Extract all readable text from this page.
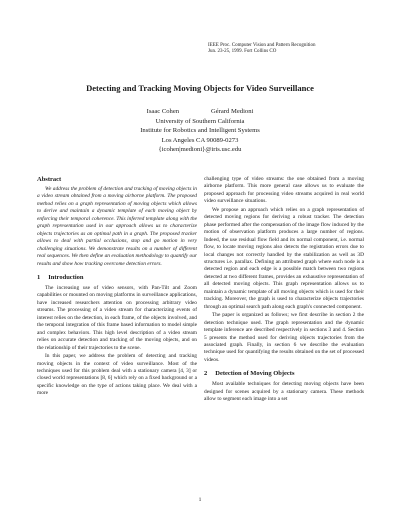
IEEE Proc. Computer Vision and Pattern Recognition
Jun. 23-25, 1999. Fort Collins CO
Detecting and Tracking Moving Objects for Video Surveillance
Isaac Cohen	Gérard Medioni
University of Southern California
Institute for Robotics and Intelligent Systems
Los Angeles CA 90089-0273
{icohen|medioni}@iris.usc.edu
Abstract

We address the problem of detection and tracking of moving objects in a video stream obtained from a moving airborne platform. The proposed method relies on a graph representation of moving objects which allows to derive and maintain a dynamic template of each moving object by enforcing their temporal coherence. This inferred template along with the graph representation used in our approach allows us to characterize objects trajectories as an optimal path in a graph. The proposed tracker allows to deal with partial occlusions, stop and go motion in very challenging situations. We demonstrate results on a number of different real sequences. We then define an evaluation methodology to quantify our results and show how tracking overcome detection errors.

1 Introduction

The increasing use of video sensors, with Pan-Tilt and Zoom capabilities or mounted on moving platforms in surveillance applications, have increased researchers attention on processing arbitrary video streams. The processing of a video stream for characterizing events of interest relies on the detection, in each frame, of the objects involved, and the temporal integration of this frame based information to model simple and complex behaviors. This high level description of a video stream relies on accurate detection and tracking of the moving objects, and on the relationship of their trajectories to the scene.

In this paper, we address the problem of detecting and tracking moving objects in the context of video surveillance. Most of the techniques used for this problem deal with a stationary camera [4, 3] or closed world representations [8, 6] which rely on a fixed background or a specific knowledge on the type of actions taking place. We deal with a more

challenging type of video streams: the one obtained from a moving airborne platform. This more general case allows us to evaluate the proposed approach for processing video streams acquired in real world video surveillance situations.

We propose an approach which relies on a graph representation of detected moving regions for deriving a robust tracker. The detection phase performed after the compensation of the image flow induced by the motion of observation platform produces a large number of regions. Indeed, the use residual flow field and its normal component, i.e. normal flow, to locate moving regions also detects the registration errors due to local changes not correctly handled by the stabilization as well as 3D structures i.e. parallax. Defining an attributed graph where each node is a detected region and each edge is a possible match between two regions detected at two different frames, provides an exhaustive representation of all detected moving objects. This graph representation allows us to maintain a dynamic template of all moving objects which is used for their tracking. Moreover, the graph is used to characterize objects trajectories through an optimal search path along each graph's connected component.

The paper is organized as follows; we first describe in section 2 the detection technique used. The graph representation and the dynamic template inference are described respectively in sections 3 and 4. Section 5 presents the method used for deriving objects trajectories from the associated graph. Finally, in section 6 we describe the evaluation technique used for quantifying the results obtained on the set of processed videos.

2 Detection of Moving Objects

Most available techniques for detecting moving objects have been designed for scenes acquired by a stationary camera. These methods allow to segment each image into a set

1
